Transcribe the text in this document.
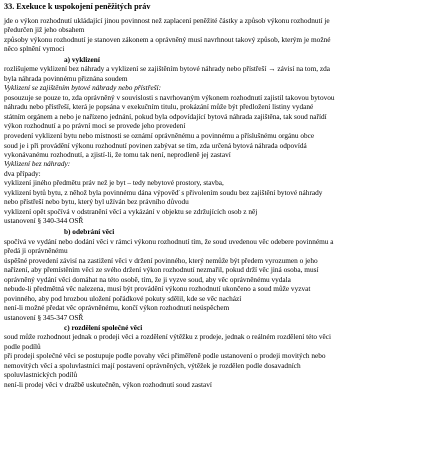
33. Exekuce k uspokojení peněžitých práv
jde o výkon rozhodnutí ukládající jinou povinnost než zaplacení peněžité částky a způsob výkonu rozhodnutí je
předurčen již jeho obsahem
způsoby výkonu rozhodnutí je stanoven zákonem a oprávněný musí navrhnout takový způsob, kterým je možné
něco splnění vymoci
a) vyklizení
rozlišujeme vyklizení bez náhrady a vyklizení se zajištěním bytové náhrady nebo přístřeší → závisí na tom, zda
byla náhrada povinnému přiznána soudem
Vyklizení se zajištěním bytové náhrady nebo přístřeší:
posouzuje se pouze to, zda oprávněný v souvislosti s navrhovaným výkonem rozhodnutí zajistil takovou bytovou
náhradu nebo přístřeší, která je popsána v exekučním titulu, prokázání může být předložení listiny vydané
státním orgánem a nebo je nařízeno jednání, pokud byla odpovídající bytová náhrada zajištěna, tak soud nařídí
výkon rozhodnutí a po právní moci se provede jeho provedení
provedení vyklizení bytu nebo místnosti se oznámí oprávněnému a povinnému a příslušnému orgánu obce
soud je i při provádění výkonu rozhodnutí povinen zabývat se tím, zda určená bytová náhrada odpovídá
vykonávanému rozhodnutí, a zjistí-li, že tomu tak není, neprodleně jej zastaví
Vyklizení bez náhrady:
dva případy:
vyklizení jiného předmětu práv než je byt – tedy nebytové prostory, stavba,
vyklizení bytů bytu, z něhož byla povinnému dána výpověď s přivolením soudu bez zajištění bytové náhrady
nebo přístřeší nebo bytu, který byl užíván bez právního důvodu
vyklizení opět spočívá v odstranění věcí a vykázání v objektu se zdržujících osob z něj
ustanovení § 340-344 OSŘ
b) odebrání věci
spočívá ve vydání nebo dodání věci v rámci výkonu rozhodnutí tím, že soud uvedenou věc odebere povinnému a
předá ji oprávněnému
úspěšné provedení závisí na zastižení věci v držení povinného, který nemůže být předem vyrozumen o jeho
nařízení, aby přemístěním věci ze svého držení výkon rozhodnutí nezmařil, pokud drží věc jiná osoba, musí
oprávněný vydání věci domáhat na této osobě, tím, že ji vyzve soud, aby věc oprávněnému vydala
nebude-li předmětná věc nalezena, musí být provádění výkonu rozhodnutí ukončeno a soud může vyzvat
povinného, aby pod hrozbou uložení pořádkové pokuty sdělil, kde se věc nachází
není-li možné předat věc oprávněnému, končí výkon rozhodnutí neúspěchem
ustanovení § 345-347 OSŘ
c) rozdělení společné věci
soud může rozhodnout jednak o prodeji věci a rozdělení výtěžku z prodeje, jednak o reálném rozdělení této věci
podle podílů
při prodeji společné věci se postupuje podle povahy věci přiměřeně podle ustanovení o prodeji movitých nebo
nemovitých věcí a spoluvlastníci mají postavení oprávněných, výtěžek je rozdělen podle dosavadních
spoluvlastnických podílů
není-li prodej věci v dražbě uskutečněn, výkon rozhodnutí soud zastaví
